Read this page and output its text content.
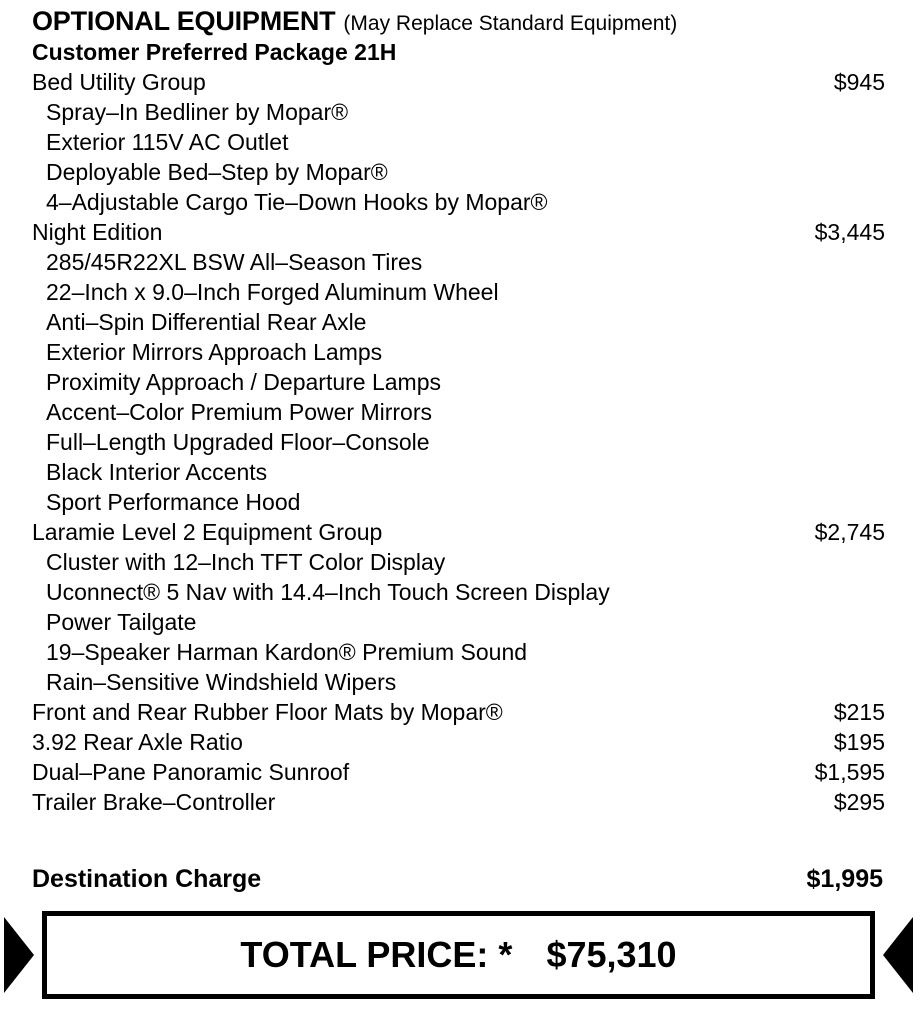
OPTIONAL EQUIPMENT (May Replace Standard Equipment)
Customer Preferred Package 21H
Bed Utility Group	$945
Spray–In Bedliner by Mopar®
Exterior 115V AC Outlet
Deployable Bed–Step by Mopar®
4–Adjustable Cargo Tie–Down Hooks by Mopar®
Night Edition	$3,445
285/45R22XL BSW All–Season Tires
22–Inch x 9.0–Inch Forged Aluminum Wheel
Anti–Spin Differential Rear Axle
Exterior Mirrors Approach Lamps
Proximity Approach / Departure Lamps
Accent–Color Premium Power Mirrors
Full–Length Upgraded Floor–Console
Black Interior Accents
Sport Performance Hood
Laramie Level 2 Equipment Group	$2,745
Cluster with 12–Inch TFT Color Display
Uconnect® 5 Nav with 14.4–Inch Touch Screen Display
Power Tailgate
19–Speaker Harman Kardon® Premium Sound
Rain–Sensitive Windshield Wipers
Front and Rear Rubber Floor Mats by Mopar®	$215
3.92 Rear Axle Ratio	$195
Dual–Pane Panoramic Sunroof	$1,595
Trailer Brake–Controller	$295
Destination Charge	$1,995
TOTAL PRICE: * $75,310
